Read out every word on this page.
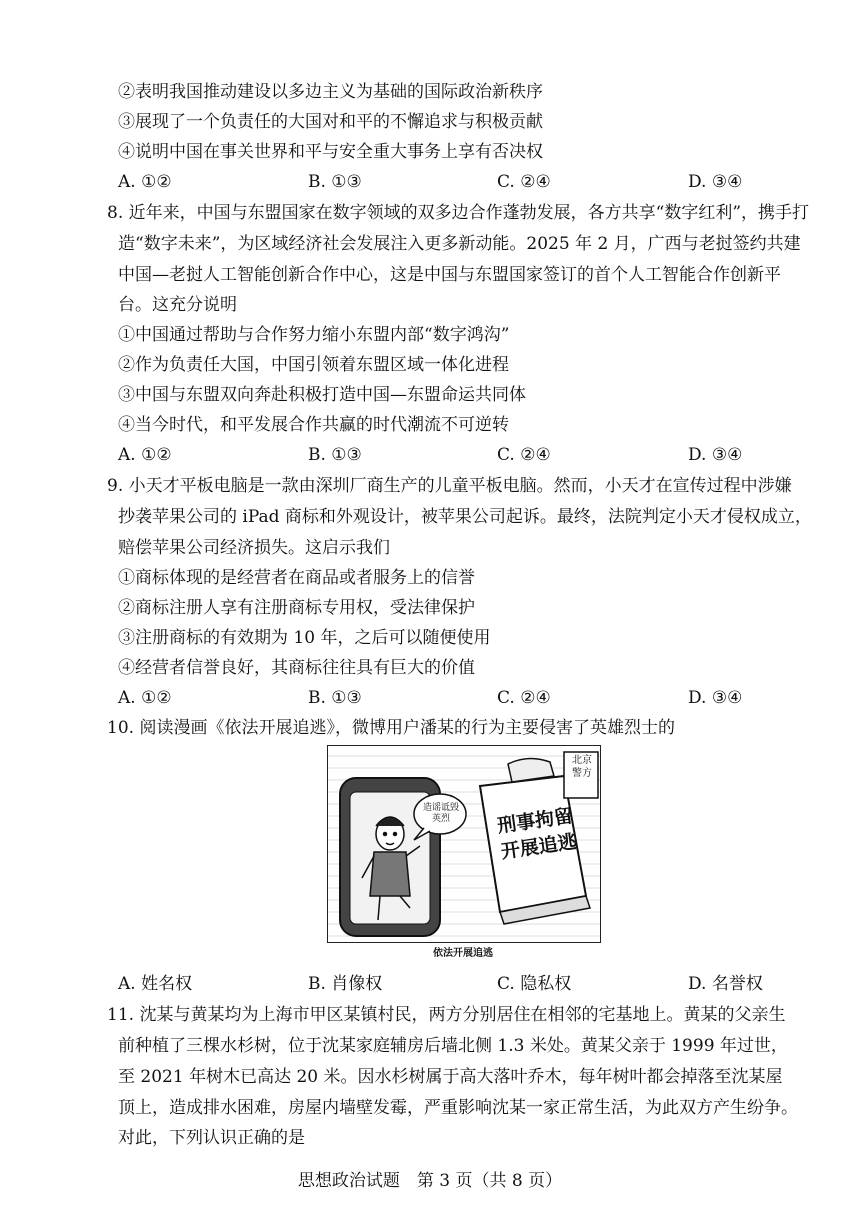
②表明我国推动建设以多边主义为基础的国际政治新秩序
③展现了一个负责任的大国对和平的不懈追求与积极贡献
④说明中国在事关世界和平与安全重大事务上享有否决权
A. ①②	B. ①③	C. ②④	D. ③④
8. 近年来，中国与东盟国家在数字领域的双多边合作蓬勃发展，各方共享“数字红利”，携手打
造“数字未来”，为区域经济社会发展注入更多新动能。2025 年 2 月，广西与老挝签约共建
中国—老挝人工智能创新合作中心，这是中国与东盟国家签订的首个人工智能合作创新平
台。这充分说明
①中国通过帮助与合作努力缩小东盟内部“数字鸿沟”
②作为负责任大国，中国引领着东盟区域一体化进程
③中国与东盟双向奔赴积极打造中国—东盟命运共同体
④当今时代，和平发展合作共赢的时代潮流不可逆转
A. ①②	B. ①③	C. ②④	D. ③④
9. 小天才平板电脑是一款由深圳厂商生产的儿童平板电脑。然而，小天才在宣传过程中涉嫌
抄袭苹果公司的 iPad 商标和外观设计，被苹果公司起诉。最终，法院判定小天才侵权成立，
赔偿苹果公司经济损失。这启示我们
①商标体现的是经营者在商品或者服务上的信誉
②商标注册人享有注册商标专用权，受法律保护
③注册商标的有效期为 10 年，之后可以随便使用
④经营者信誉良好，其商标往往具有巨大的价值
A. ①②	B. ①③	C. ②④	D. ③④
10. 阅读漫画《依法开展追逃》，微博用户潘某的行为主要侵害了英雄烈士的
北京警方
造谣诋毁
英烈	刑事拘留
开展追逃
依法开展追逃
A. 姓名权	B. 肖像权	C. 隐私权	D. 名誉权
11. 沈某与黄某均为上海市甲区某镇村民，两方分别居住在相邻的宅基地上。黄某的父亲生
前种植了三棵水杉树，位于沈某家庭辅房后墙北侧 1.3 米处。黄某父亲于 1999 年过世，
至 2021 年树木已高达 20 米。因水杉树属于高大落叶乔木，每年树叶都会掉落至沈某屋
顶上，造成排水困难，房屋内墙壁发霉，严重影响沈某一家正常生活，为此双方产生纷争。
对此，下列认识正确的是
思想政治试题　第 3 页（共 8 页）
